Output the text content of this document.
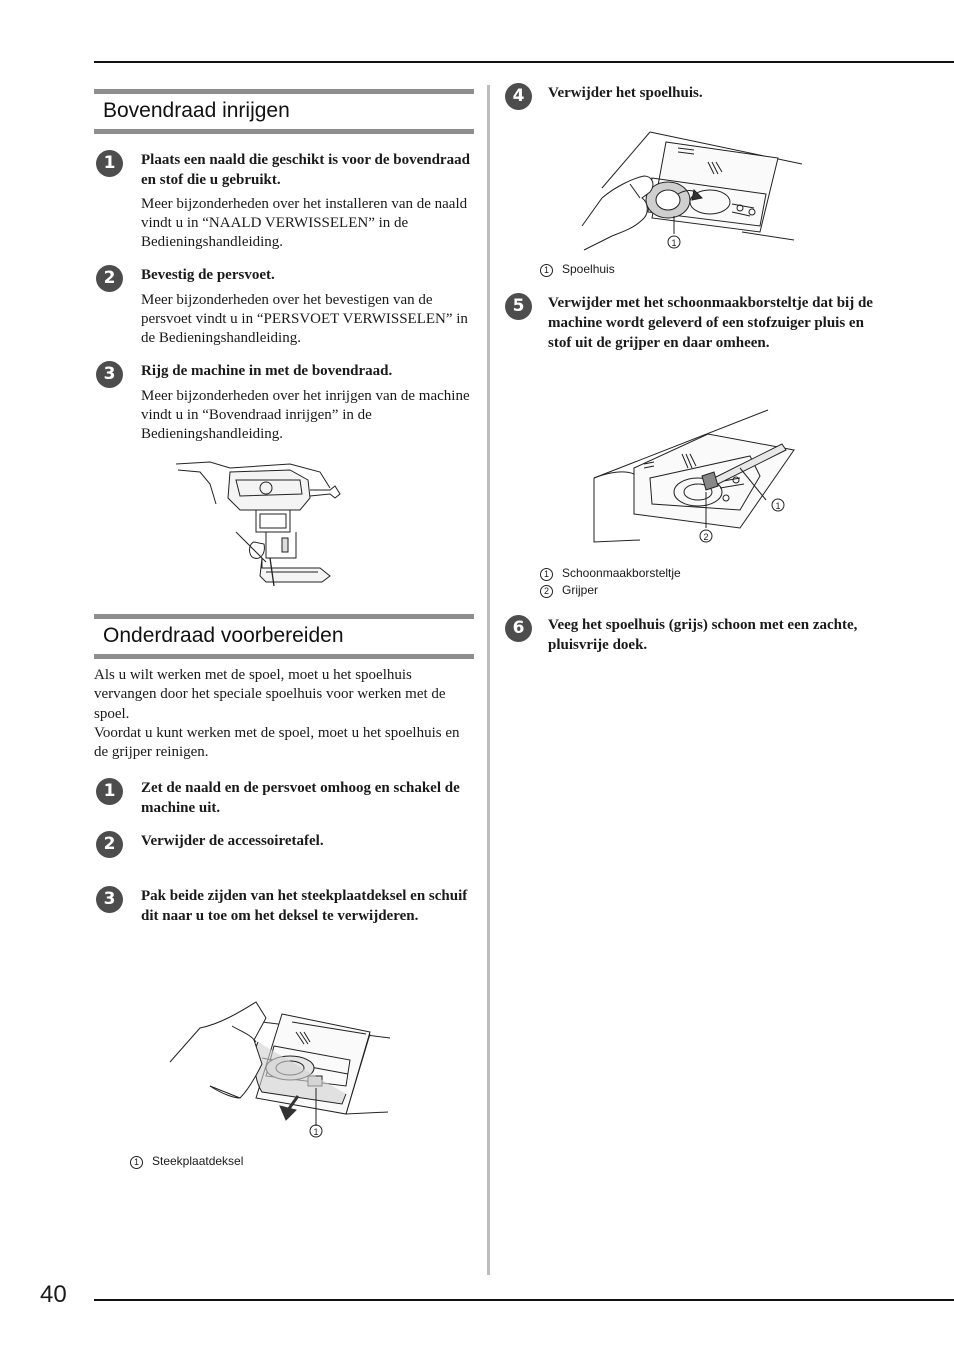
Bovendraad inrijgen
1	Plaats een naald die geschikt is voor de bovendraad en stof die u gebruikt.
Meer bijzonderheden over het installeren van de naald vindt u in “NAALD VERWISSELEN” in de Bedieningshandleiding.
2	Bevestig de persvoet.
Meer bijzonderheden over het bevestigen van de persvoet vindt u in “PERSVOET VERWISSELEN” in de Bedieningshandleiding.
3	Rijg de machine in met de bovendraad.
Meer bijzonderheden over het inrijgen van de machine vindt u in “Bovendraad inrijgen” in de Bedieningshandleiding.
Onderdraad voorbereiden
Als u wilt werken met de spoel, moet u het spoelhuis vervangen door het speciale spoelhuis voor werken met de spoel.
Voordat u kunt werken met de spoel, moet u het spoelhuis en de grijper reinigen.
1	Zet de naald en de persvoet omhoog en schakel de machine uit.
2	Verwijder de accessoiretafel.
3	Pak beide zijden van het steekplaatdeksel en schuif dit naar u toe om het deksel te verwijderen.
1
1 Steekplaatdeksel
4	Verwijder het spoelhuis.
1
1 Spoelhuis
5	Verwijder met het schoonmaakborsteltje dat bij de machine wordt geleverd of een stofzuiger pluis en stof uit de grijper en daar omheen.
1
2
1 Schoonmaakborsteltje
2 Grijper
6	Veeg het spoelhuis (grijs) schoon met een zachte, pluisvrije doek.
40
